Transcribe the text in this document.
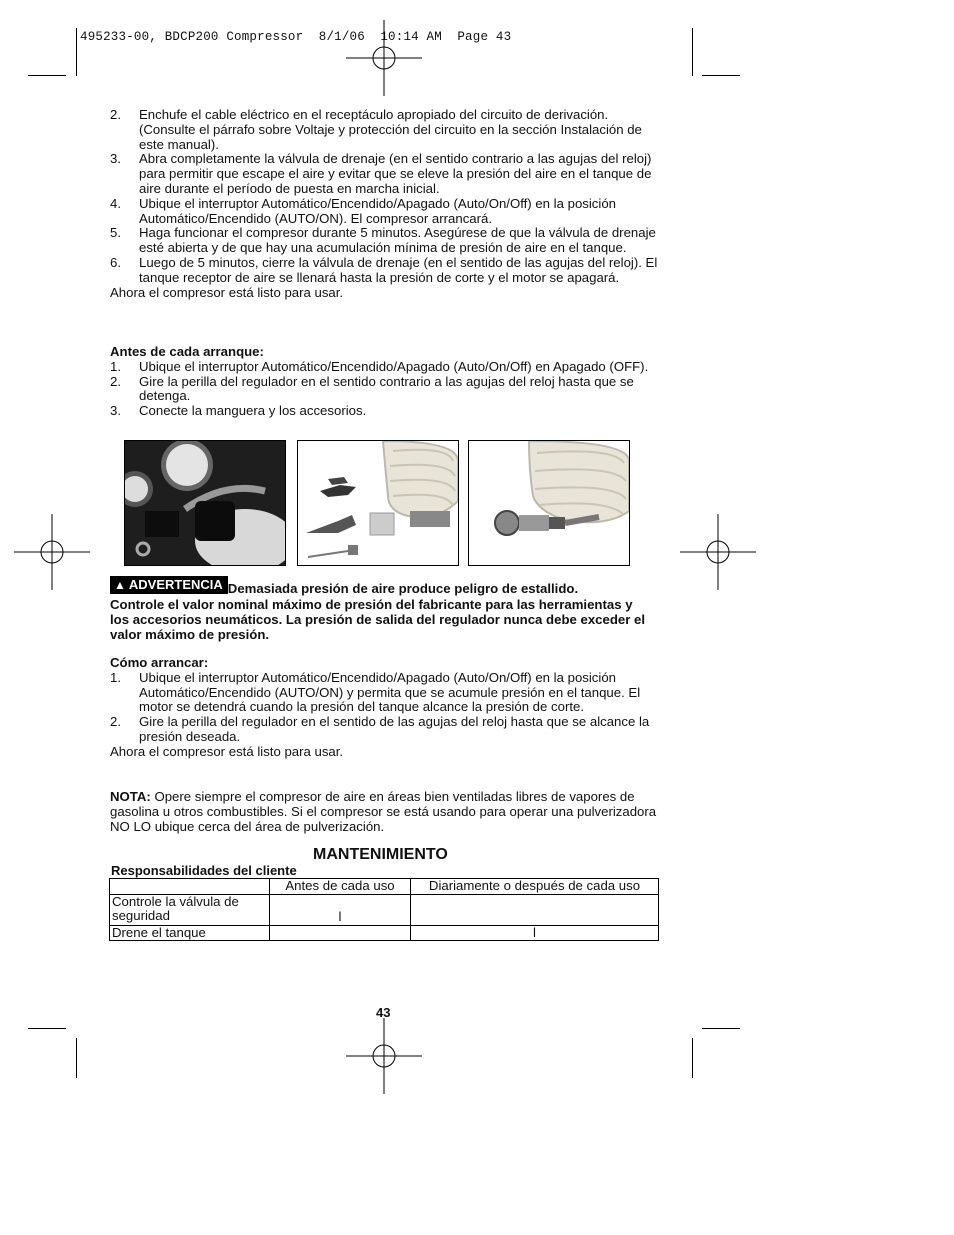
495233-00, BDCP200 Compressor  8/1/06  10:14 AM  Page 43
2. Enchufe el cable eléctrico en el receptáculo apropiado del circuito de derivación. (Consulte el párrafo sobre Voltaje y protección del circuito en la sección Instalación de este manual).
3. Abra completamente la válvula de drenaje (en el sentido contrario a las agujas del reloj) para permitir que escape el aire y evitar que se eleve la presión del aire en el tanque de aire durante el período de puesta en marcha inicial.
4. Ubique el interruptor Automático/Encendido/Apagado (Auto/On/Off) en la posición Automático/Encendido (AUTO/ON). El compresor arrancará.
5. Haga funcionar el compresor durante 5 minutos. Asegúrese de que la válvula de drenaje esté abierta y de que hay una acumulación mínima de presión de aire en el tanque.
6. Luego de 5 minutos, cierre la válvula de drenaje (en el sentido de las agujas del reloj). El tanque receptor de aire se llenará hasta la presión de corte y el motor se apagará.
Ahora el compresor está listo para usar.
Antes de cada arranque:
1. Ubique el interruptor Automático/Encendido/Apagado (Auto/On/Off) en Apagado (OFF).
2. Gire la perilla del regulador en el sentido contrario a las agujas del reloj hasta que se detenga.
3. Conecte la manguera y los accesorios.
▲ ADVERTENCIA Demasiada presión de aire produce peligro de estallido.
Controle el valor nominal máximo de presión del fabricante para las herramientas y los accesorios neumáticos. La presión de salida del regulador nunca debe exceder el valor máximo de presión.
Cómo arrancar:
1. Ubique el interruptor Automático/Encendido/Apagado (Auto/On/Off) en la posición Automático/Encendido (AUTO/ON) y permita que se acumule presión en el tanque. El motor se detendrá cuando la presión del tanque alcance la presión de corte.
2. Gire la perilla del regulador en el sentido de las agujas del reloj hasta que se alcance la presión deseada.
Ahora el compresor está listo para usar.
NOTA: Opere siempre el compresor de aire en áreas bien ventiladas libres de vapores de gasolina u otros combustibles. Si el compresor se está usando para operar una pulverizadora NO LO ubique cerca del área de pulverización.
MANTENIMIENTO
Responsabilidades del cliente
	Antes de cada uso	Diariamente o después de cada uso
Controle la válvula de seguridad	l	
Drene el tanque		l
43
